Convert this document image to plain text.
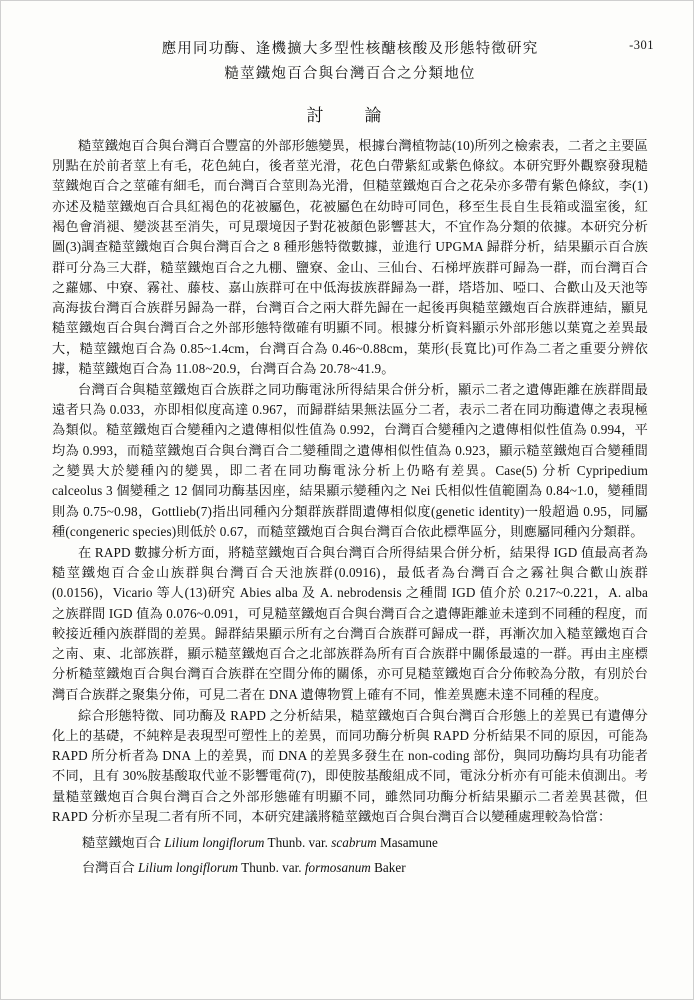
-301
應用同功酶、逢機擴大多型性核醣核酸及形態特徵研究
糙莖鐵炮百合與台灣百合之分類地位
討　論

糙莖鐵炮百合與台灣百合豐富的外部形態變異，根據台灣植物誌(10)所列之檢索表，二者之主要區別點在於前者莖上有毛，花色純白，後者莖光滑，花色白帶紫紅或紫色條紋。本研究野外觀察發現糙莖鐵炮百合之莖確有細毛，而台灣百合莖則為光滑，但糙莖鐵炮百合之花朵亦多帶有紫色條紋，李(1)亦述及糙莖鐵炮百合具紅褐色的花被屬色，花被屬色在幼時可同色，移至生長自生長箱或溫室後，紅褐色會消褪、變淡甚至消失，可見環境因子對花被顏色影響甚大，不宜作為分類的依據。本研究分析圖(3)調查糙莖鐵炮百合與台灣百合之 8 種形態特徵數據，並進行 UPGMA 歸群分析，結果顯示百合族群可分為三大群，糙莖鐵炮百合之九棚、鹽寮、金山、三仙台、石梯坪族群可歸為一群，而台灣百合之蘿娜、中寮、霧社、藤枝、嘉山族群可在中低海拔族群歸為一群，塔塔加、啞口、合歡山及天池等高海拔台灣百合族群另歸為一群，台灣百合之兩大群先歸在一起後再與糙莖鐵炮百合族群連結，顯見糙莖鐵炮百合與台灣百合之外部形態特徵確有明顯不同。根據分析資料顯示外部形態以葉寬之差異最大，糙莖鐵炮百合為 0.85~1.4cm，台灣百合為 0.46~0.88cm，葉形(長寬比)可作為二者之重要分辨依據，糙莖鐵炮百合為 11.08~20.9，台灣百合為 20.78~41.9。

台灣百合與糙莖鐵炮百合族群之同功酶電泳所得結果合併分析，顯示二者之遺傳距離在族群間最遠者只為 0.033，亦即相似度高達 0.967，而歸群結果無法區分二者，表示二者在同功酶遺傳之表現極為類似。糙莖鐵炮百合變種內之遺傳相似性值為 0.992，台灣百合變種內之遺傳相似性值為 0.994，平均為 0.993，而糙莖鐵炮百合與台灣百合二變種間之遺傳相似性值為 0.923，顯示糙莖鐵炮百合變種間之變異大於變種內的變異，即二者在同功酶電泳分析上仍略有差異。Case(5) 分析 Cypripedium calceolus 3 個變種之 12 個同功酶基因座，結果顯示變種內之 Nei 氏相似性值範圍為 0.84~1.0，變種間則為 0.75~0.98，Gottlieb(7)指出同種內分類群族群間遺傳相似度(genetic identity)一般超過 0.95，同屬種(congeneric species)則低於 0.67，而糙莖鐵炮百合與台灣百合依此標準區分，則應屬同種內分類群。

在 RAPD 數據分析方面，將糙莖鐵炮百合與台灣百合所得結果合併分析，結果得 IGD 值最高者為糙莖鐵炮百合金山族群與台灣百合天池族群(0.0916)，最低者為台灣百合之霧社與合歡山族群(0.0156)，Vicario 等人(13)研究 Abies alba 及 A. nebrodensis 之種間 IGD 值介於 0.217~0.221，A. alba 之族群間 IGD 值為 0.076~0.091，可見糙莖鐵炮百合與台灣百合之遺傳距離並未達到不同種的程度，而較接近種內族群間的差異。歸群結果顯示所有之台灣百合族群可歸成一群，再漸次加入糙莖鐵炮百合之南、東、北部族群，顯示糙莖鐵炮百合之北部族群為所有百合族群中關係最遠的一群。再由主座標分析糙莖鐵炮百合與台灣百合族群在空間分佈的關係，亦可見糙莖鐵炮百合分佈較為分散，有別於台灣百合族群之聚集分佈，可見二者在 DNA 遺傳物質上確有不同，惟差異應未達不同種的程度。

綜合形態特徵、同功酶及 RAPD 之分析結果，糙莖鐵炮百合與台灣百合形態上的差異已有遺傳分化上的基礎，不純粹是表現型可塑性上的差異，而同功酶分析與 RAPD 分析結果不同的原因，可能為 RAPD 所分析者為 DNA 上的差異，而 DNA 的差異多發生在 non-coding 部份，與同功酶均具有功能者不同，且有 30%胺基酸取代並不影響電荷(7)，即使胺基酸組成不同，電泳分析亦有可能未偵測出。考量糙莖鐵炮百合與台灣百合之外部形態確有明顯不同，雖然同功酶分析結果顯示二者差異甚微，但 RAPD 分析亦呈現二者有所不同，本研究建議將糙莖鐵炮百合與台灣百合以變種處理較為恰當：

糙莖鐵炮百合 Lilium longiflorum Thunb. var. scabrum Masamune

台灣百合 Lilium longiflorum Thunb. var. formosanum Baker
